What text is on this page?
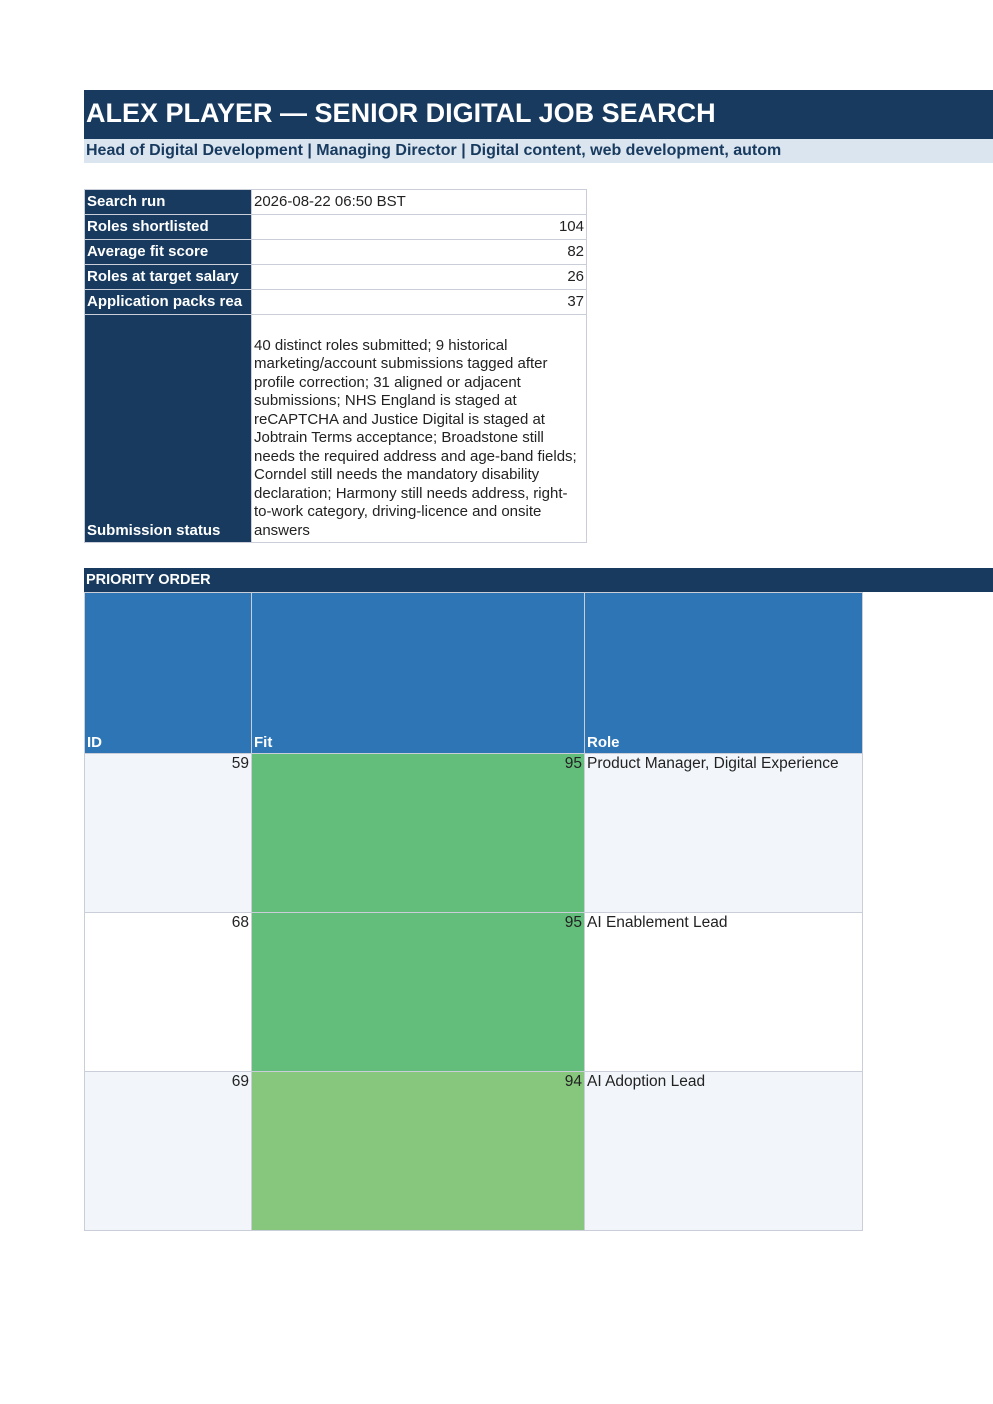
ALEX PLAYER — SENIOR DIGITAL JOB SEARCH
Head of Digital Development | Managing Director | Digital content, web development, autom
Search run	2026-08-22 06:50 BST
Roles shortlisted	104
Average fit score	82
Roles at target salary	26
Application packs rea	37
Submission status	40 distinct roles submitted; 9 historical marketing/account submissions tagged after profile correction; 31 aligned or adjacent submissions; NHS England is staged at reCAPTCHA and Justice Digital is staged at Jobtrain Terms acceptance; Broadstone still needs the required address and age-band fields; Corndel still needs the mandatory disability declaration; Harmony still needs address, right-to-work category, driving-licence and onsite answers
PRIORITY ORDER
ID	Fit	Role
59	95	Product Manager, Digital Experience
68	95	AI Enablement Lead
69	94	AI Adoption Lead
